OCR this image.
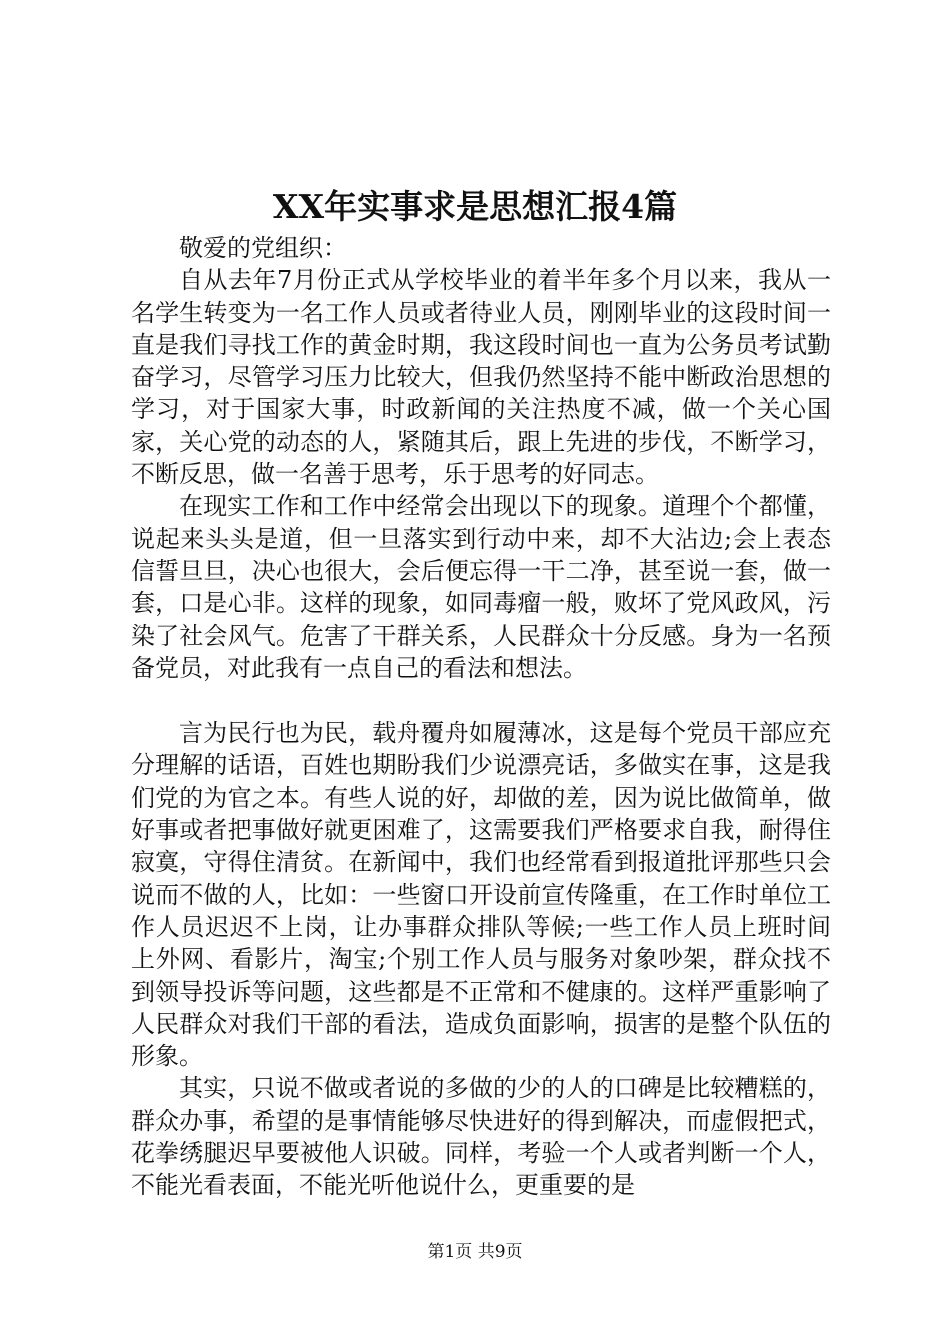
XX年实事求是思想汇报4篇

敬爱的党组织：

自从去年7月份正式从学校毕业的着半年多个月以来，我从一名学生转变为一名工作人员或者待业人员，刚刚毕业的这段时间一直是我们寻找工作的黄金时期，我这段时间也一直为公务员考试勤奋学习，尽管学习压力比较大，但我仍然坚持不能中断政治思想的学习，对于国家大事，时政新闻的关注热度不减，做一个关心国家，关心党的动态的人，紧随其后，跟上先进的步伐，不断学习，不断反思，做一名善于思考，乐于思考的好同志。

在现实工作和工作中经常会出现以下的现象。道理个个都懂，说起来头头是道，但一旦落实到行动中来，却不大沾边;会上表态信誓旦旦，决心也很大，会后便忘得一干二净，甚至说一套，做一套，口是心非。这样的现象，如同毒瘤一般，败坏了党风政风，污染了社会风气。危害了干群关系，人民群众十分反感。身为一名预备党员，对此我有一点自己的看法和想法。

言为民行也为民，载舟覆舟如履薄冰，这是每个党员干部应充分理解的话语，百姓也期盼我们少说漂亮话，多做实在事，这是我们党的为官之本。有些人说的好，却做的差，因为说比做简单，做好事或者把事做好就更困难了，这需要我们严格要求自我，耐得住寂寞，守得住清贫。在新闻中，我们也经常看到报道批评那些只会说而不做的人，比如：一些窗口开设前宣传隆重，在工作时单位工作人员迟迟不上岗，让办事群众排队等候;一些工作人员上班时间上外网、看影片，淘宝;个别工作人员与服务对象吵架，群众找不到领导投诉等问题，这些都是不正常和不健康的。这样严重影响了人民群众对我们干部的看法，造成负面影响，损害的是整个队伍的形象。

其实，只说不做或者说的多做的少的人的口碑是比较糟糕的，群众办事，希望的是事情能够尽快进好的得到解决，而虚假把式，花拳绣腿迟早要被他人识破。同样，考验一个人或者判断一个人，不能光看表面，不能光听他说什么，更重要的是

第1页 共9页
